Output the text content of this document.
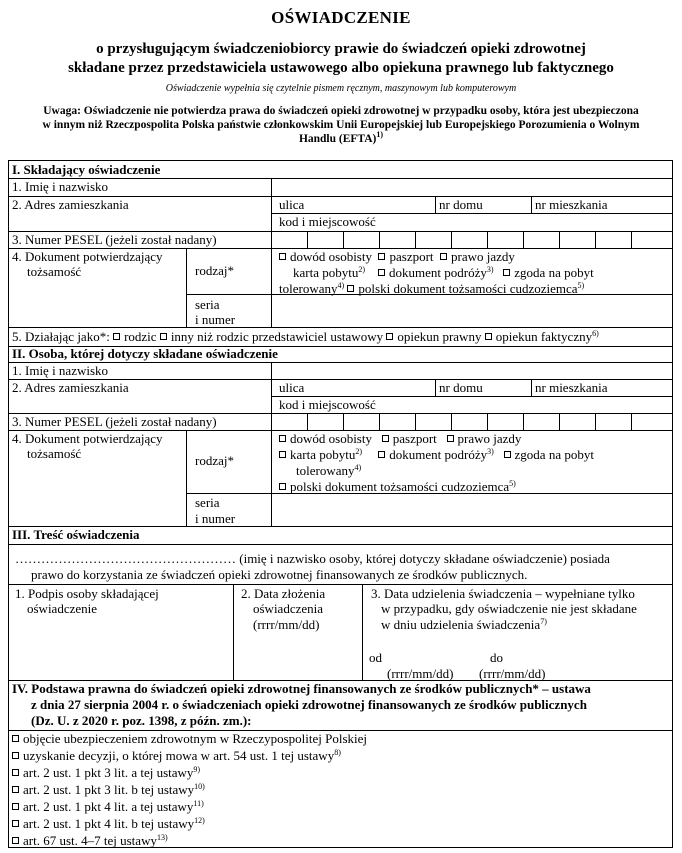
OŚWIADCZENIE
o przysługującym świadczeniobiorcy prawie do świadczeń opieki zdrowotnej
składane przez przedstawiciela ustawowego albo opiekuna prawnego lub faktycznego
Oświadczenie wypełnia się czytelnie pismem ręcznym, maszynowym lub komputerowym
Uwaga: Oświadczenie nie potwierdza prawa do świadczeń opieki zdrowotnej w przypadku osoby, która jest ubezpieczona
w innym niż Rzeczpospolita Polska państwie członkowskim Unii Europejskiej lub Europejskiego Porozumienia o Wolnym
Handlu (EFTA)$^{1)}$
I. Składający oświadczenie
1. Imię i nazwisko
2. Adres zamieszkania	ulica	nr domu	nr mieszkania
kod i miejscowość
3. Numer PESEL (jeżeli został nadany)
4. Dokument potwierdzający
tożsamość	rodzaj*
dowód osobisty paszport prawo jazdy
karta pobytu$^{2)}$ dokument podróży$^{3)}$ zgoda na pobyt
tolerowany$^{4)}$ polski dokument tożsamości cudzoziemca$^{5)}$
seria
i numer
5. Działając jako*: rodzic inny niż rodzic przedstawiciel ustawowy opiekun prawny opiekun faktyczny$^{6)}$
II. Osoba, której dotyczy składane oświadczenie
1. Imię i nazwisko
2. Adres zamieszkania	ulica	nr domu	nr mieszkania
kod i miejscowość
3. Numer PESEL (jeżeli został nadany)
4. Dokument potwierdzający
tożsamość	rodzaj*
dowód osobisty paszport prawo jazdy
karta pobytu$^{2)}$ dokument podróży$^{3)}$ zgoda na pobyt
tolerowany$^{4)}$
polski dokument tożsamości cudzoziemca$^{5)}$
seria
i numer
III. Treść oświadczenia
…………………………………………… (imię i nazwisko osoby, której dotyczy składane oświadczenie) posiada
prawo do korzystania ze świadczeń opieki zdrowotnej finansowanych ze środków publicznych.
1. Podpis osoby składającej
oświadczenie
2. Data złożenia
oświadczenia
(rrrr/mm/dd)
3. Data udzielenia świadczenia – wypełniane tylko
w przypadku, gdy oświadczenie nie jest składane
w dniu udzielenia świadczenia$^{7)}$
od	do
(rrrr/mm/dd) (rrrr/mm/dd)
IV. Podstawa prawna do świadczeń opieki zdrowotnej finansowanych ze środków publicznych* – ustawa
z dnia 27 sierpnia 2004 r. o świadczeniach opieki zdrowotnej finansowanych ze środków publicznych
(Dz. U. z 2020 r. poz. 1398, z późn. zm.):
objęcie ubezpieczeniem zdrowotnym w Rzeczypospolitej Polskiej
uzyskanie decyzji, o której mowa w art. 54 ust. 1 tej ustawy$^{8)}$
art. 2 ust. 1 pkt 3 lit. a tej ustawy$^{9)}$
art. 2 ust. 1 pkt 3 lit. b tej ustawy$^{10)}$
art. 2 ust. 1 pkt 4 lit. a tej ustawy$^{11)}$
art. 2 ust. 1 pkt 4 lit. b tej ustawy$^{12)}$
art. 67 ust. 4–7 tej ustawy$^{13)}$
